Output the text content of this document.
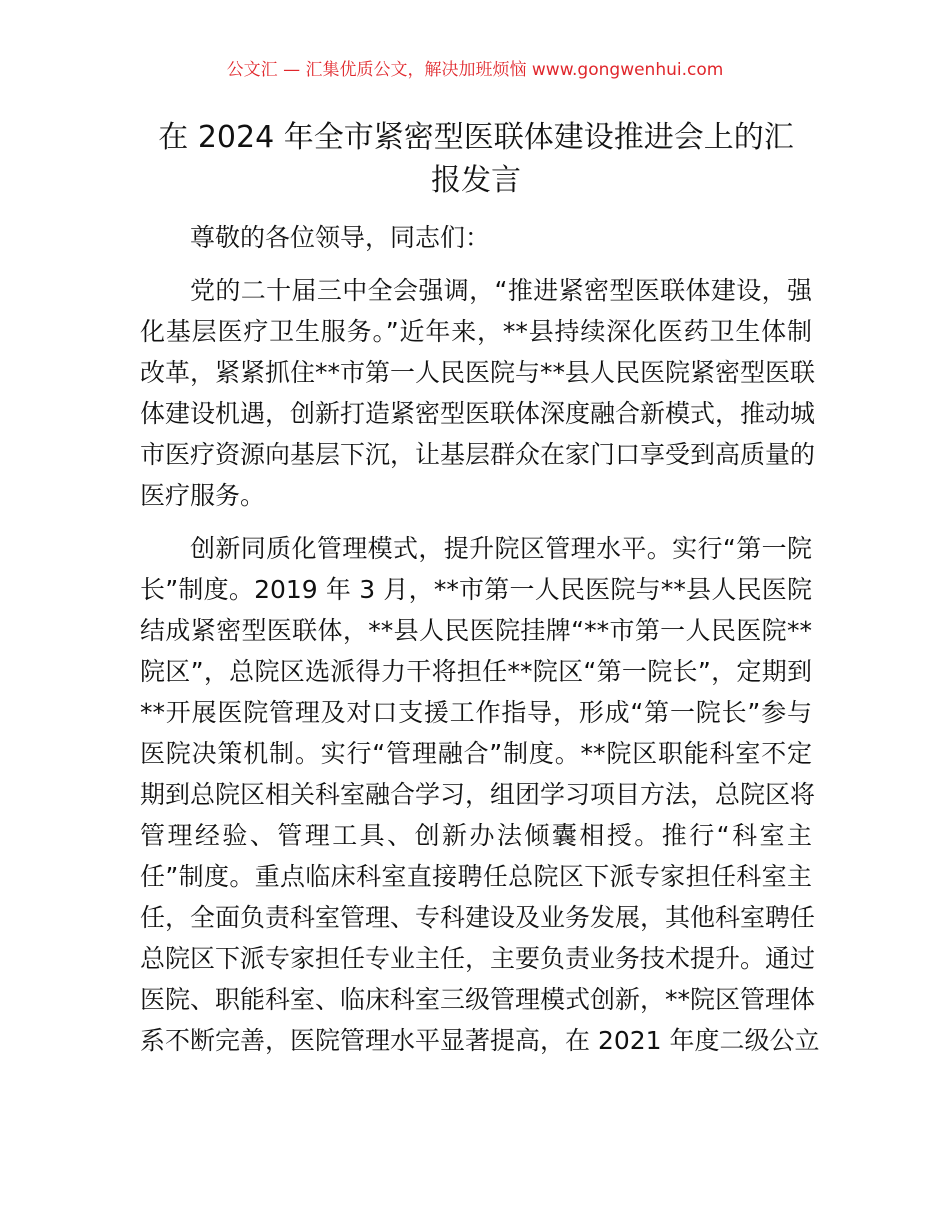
公文汇 — 汇集优质公文，解决加班烦恼 www.gongwenhui.com
在 2024 年全市紧密型医联体建设推进会上的汇
报发言
尊敬的各位领导，同志们：
党的二十届三中全会强调，“推进紧密型医联体建设，强
化基层医疗卫生服务。”近年来，**县持续深化医药卫生体制
改革，紧紧抓住**市第一人民医院与**县人民医院紧密型医联
体建设机遇，创新打造紧密型医联体深度融合新模式，推动城
市医疗资源向基层下沉，让基层群众在家门口享受到高质量的
医疗服务。
创新同质化管理模式，提升院区管理水平。实行“第一院
长”制度。2019 年 3 月，**市第一人民医院与**县人民医院
结成紧密型医联体，**县人民医院挂牌“**市第一人民医院**
院区”，总院区选派得力干将担任**院区“第一院长”，定期到
**开展医院管理及对口支援工作指导，形成“第一院长”参与
医院决策机制。实行“管理融合”制度。**院区职能科室不定
期到总院区相关科室融合学习，组团学习项目方法，总院区将
管理经验、管理工具、创新办法倾囊相授。推行“科室主
任”制度。重点临床科室直接聘任总院区下派专家担任科室主
任，全面负责科室管理、专科建设及业务发展，其他科室聘任
总院区下派专家担任专业主任，主要负责业务技术提升。通过
医院、职能科室、临床科室三级管理模式创新，**院区管理体
系不断完善，医院管理水平显著提高，在 2021 年度二级公立
